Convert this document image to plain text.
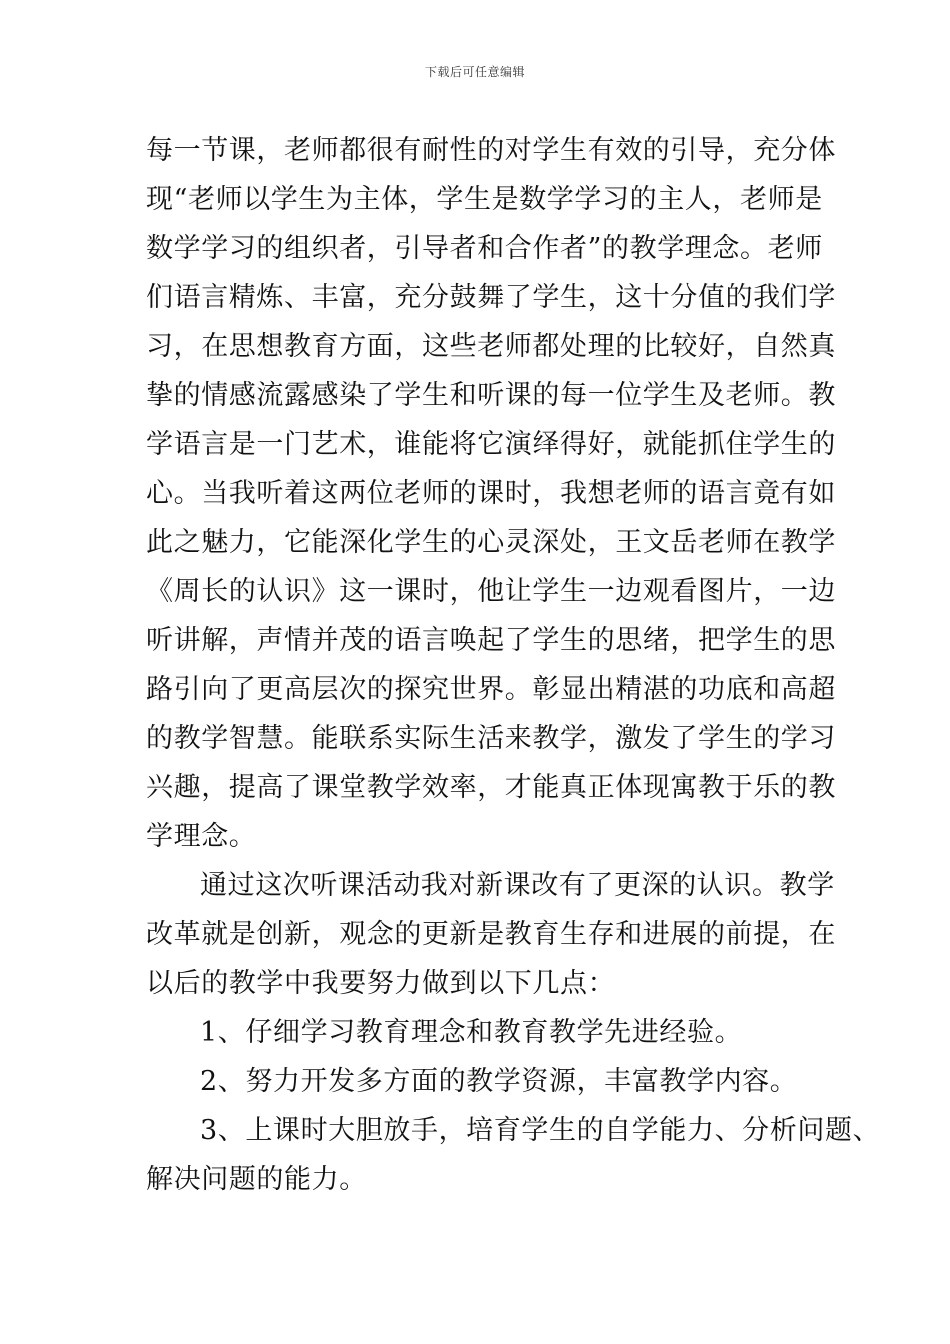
下载后可任意编辑
每一节课，老师都很有耐性的对学生有效的引导，充分体
现“老师以学生为主体，学生是数学学习的主人，老师是
数学学习的组织者，引导者和合作者”的教学理念。老师
们语言精炼、丰富，充分鼓舞了学生，这十分值的我们学
习，在思想教育方面，这些老师都处理的比较好，自然真
挚的情感流露感染了学生和听课的每一位学生及老师。教
学语言是一门艺术，谁能将它演绎得好，就能抓住学生的
心。当我听着这两位老师的课时，我想老师的语言竟有如
此之魅力，它能深化学生的心灵深处，王文岳老师在教学
《周长的认识》这一课时，他让学生一边观看图片，一边
听讲解，声情并茂的语言唤起了学生的思绪，把学生的思
路引向了更高层次的探究世界。彰显出精湛的功底和高超
的教学智慧。能联系实际生活来教学，激发了学生的学习
兴趣，提高了课堂教学效率，才能真正体现寓教于乐的教
学理念。
通过这次听课活动我对新课改有了更深的认识。教学
改革就是创新，观念的更新是教育生存和进展的前提，在
以后的教学中我要努力做到以下几点：
1、仔细学习教育理念和教育教学先进经验。
2、努力开发多方面的教学资源，丰富教学内容。
3、上课时大胆放手，培育学生的自学能力、分析问题、
解决问题的能力。
